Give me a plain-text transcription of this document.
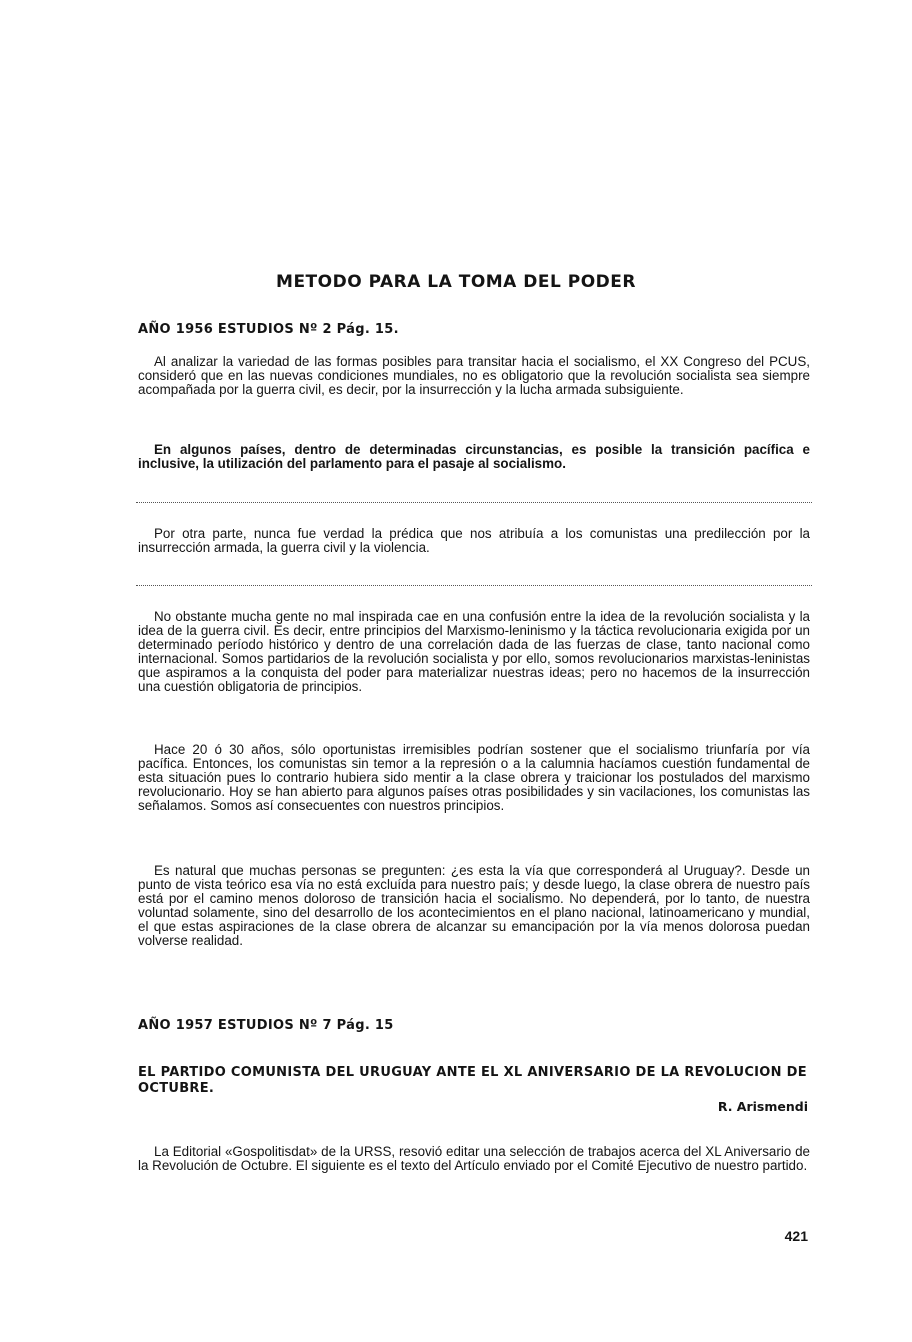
METODO PARA LA TOMA DEL PODER
AÑO 1956 ESTUDIOS Nº 2 Pág. 15.
Al analizar la variedad de las formas posibles para transitar hacia el socialismo, el XX Congreso del PCUS, consideró que en las nuevas condiciones mundiales, no es obligatorio que la revolución socialista sea siempre acompañada por la guerra civil, es decir, por la insurrección y la lucha armada subsiguiente.
En algunos países, dentro de determinadas circunstancias, es posible la transición pacífica e inclusive, la utilización del parlamento para el pasaje al socialismo.
Por otra parte, nunca fue verdad la prédica que nos atribuía a los comunistas una predilección por la insurrección armada, la guerra civil y la violencia.
No obstante mucha gente no mal inspirada cae en una confusión entre la idea de la revolución socialista y la idea de la guerra civil. Es decir, entre principios del Marxismo-leninismo y la táctica revolucionaria exigida por un determinado período histórico y dentro de una correlación dada de las fuerzas de clase, tanto nacional como internacional. Somos partidarios de la revolución socialista y por ello, somos revolucionarios marxistas-leninistas que aspiramos a la conquista del poder para materializar nuestras ideas; pero no hacemos de la insurrección una cuestión obligatoria de principios.
Hace 20 ó 30 años, sólo oportunistas irremisibles podrían sostener que el socialismo triunfaría por vía pacífica. Entonces, los comunistas sin temor a la represión o a la calumnia hacíamos cuestión fundamental de esta situación pues lo contrario hubiera sido mentir a la clase obrera y traicionar los postulados del marxismo revolucionario. Hoy se han abierto para algunos países otras posibilidades y sin vacilaciones, los comunistas las señalamos. Somos así consecuentes con nuestros principios.
Es natural que muchas personas se pregunten: ¿es esta la vía que corresponderá al Uruguay?. Desde un punto de vista teórico esa vía no está excluída para nuestro país; y desde luego, la clase obrera de nuestro país está por el camino menos doloroso de transición hacia el socialismo. No dependerá, por lo tanto, de nuestra voluntad solamente, sino del desarrollo de los acontecimientos en el plano nacional, latinoamericano y mundial, el que estas aspiraciones de la clase obrera de alcanzar su emancipación por la vía menos dolorosa puedan volverse realidad.
AÑO 1957 ESTUDIOS Nº 7 Pág. 15
EL PARTIDO COMUNISTA DEL URUGUAY ANTE EL XL ANIVERSARIO DE LA REVOLUCION DE OCTUBRE.
R. Arismendi
La Editorial «Gospolitisdat» de la URSS, resovió editar una selección de trabajos acerca del XL Aniversario de la Revolución de Octubre. El siguiente es el texto del Artículo enviado por el Comité Ejecutivo de nuestro partido.
421
